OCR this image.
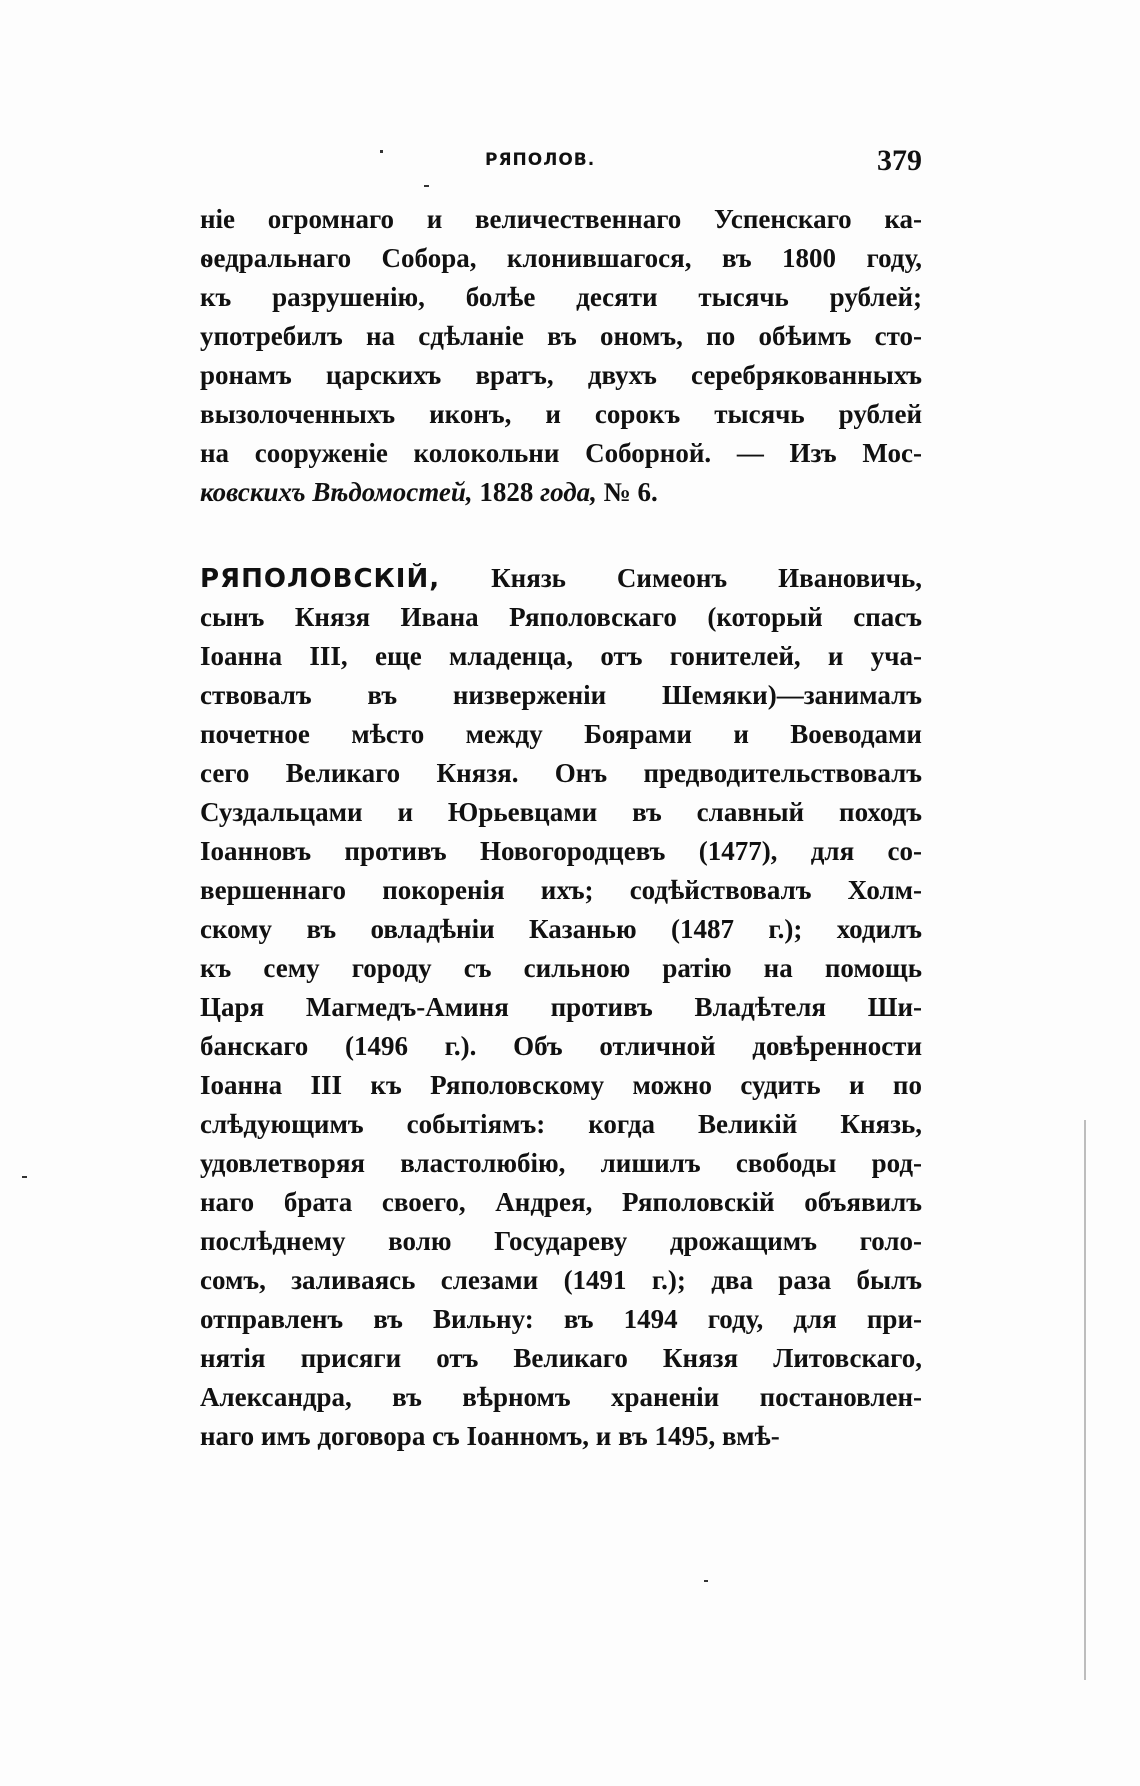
РЯПОЛОВ.	379
ніе огромнаго и величественнаго Успенскаго ка-
ѳедральнаго Собора, клонившагося, въ 1800 году,
къ разрушенію, болѣе десяти тысячь рублей;
употребилъ на сдѣланіе въ ономъ, по обѣимъ сто-
ронамъ царскихъ вратъ, двухъ серебрякованныхъ
вызолоченныхъ иконъ, и сорокъ тысячь рублей
на сооруженіе колокольни Соборной. — Изъ Мос-
ковскихъ Вѣдомостей, 1828 года, № 6.
РЯПОЛОВСКІЙ, Князь Симеонъ Ивановичь,
сынъ Князя Ивана Ряполовскаго (который спасъ
Іоанна III, еще младенца, отъ гонителей, и уча-
ствовалъ въ низверженіи Шемяки)—занималъ
почетное мѣсто между Боярами и Воеводами
сего Великаго Князя. Онъ предводительствовалъ
Суздальцами и Юрьевцами въ славный походъ
Іоанновъ противъ Новогородцевъ (1477), для со-
вершеннаго покоренія ихъ; содѣйствовалъ Холм-
скому въ овладѣніи Казанью (1487 г.); ходилъ
къ сему городу съ сильною ратію на помощь
Царя Магмедъ-Аминя противъ Владѣтеля Ши-
банскаго (1496 г.). Объ отличной довѣренности
Іоанна III къ Ряполовскому можно судить и по
слѣдующимъ событіямъ: когда Великій Князь,
удовлетворяя властолюбію, лишилъ свободы род-
наго брата своего, Андрея, Ряполовскій объявилъ
послѣднему волю Государеву дрожащимъ голо-
сомъ, заливаясь слезами (1491 г.); два раза былъ
отправленъ въ Вильну: въ 1494 году, для при-
нятія присяги отъ Великаго Князя Литовскаго,
Александра, въ вѣрномъ храненіи постановлен-
наго имъ договора съ Іоанномъ, и въ 1495, вмѣ-
